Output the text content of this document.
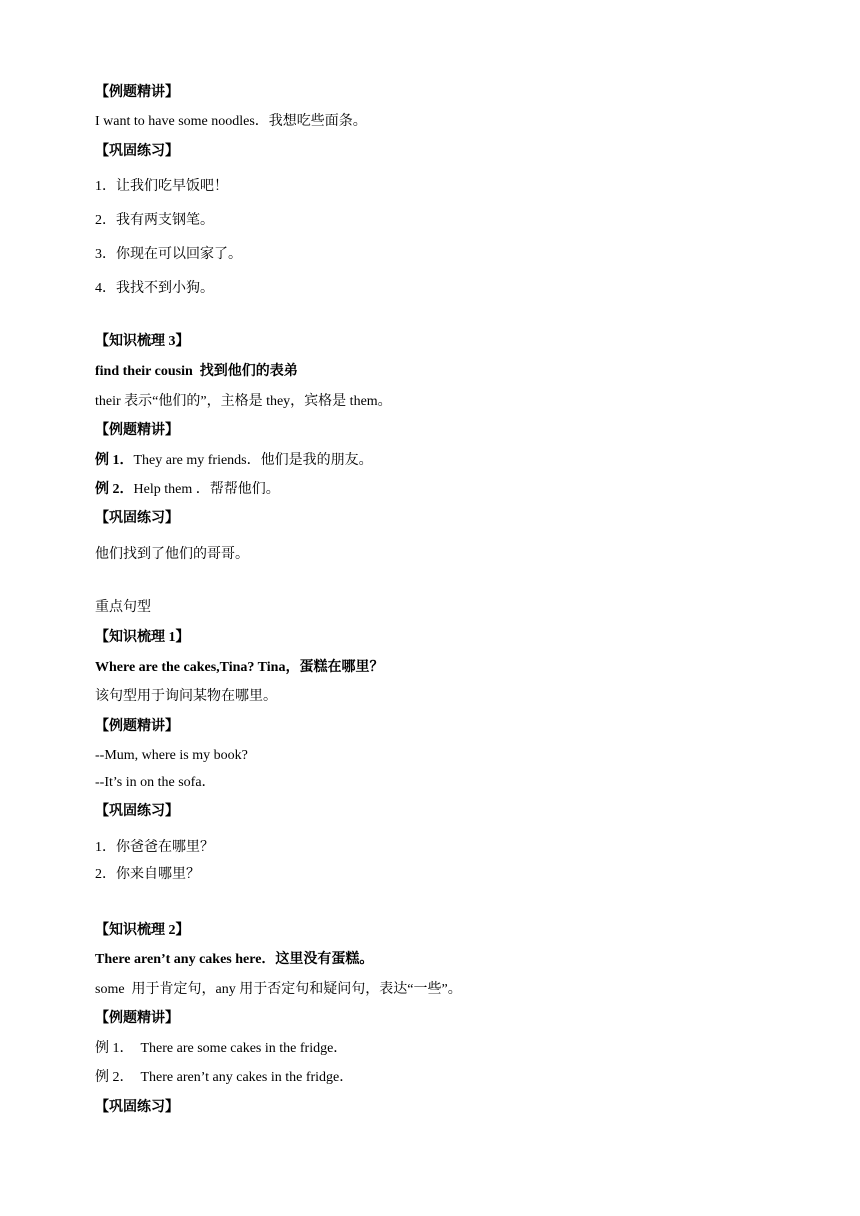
【例题精讲】
I want to have some noodles．我想吃些面条。
【巩固练习】
1．让我们吃早饭吧！
2．我有两支钢笔。
3．你现在可以回家了。
4．我找不到小狗。
【知识梳理 3】
find their cousin  找到他们的表弟
their 表示“他们的”，主格是 they，宾格是 them。
【例题精讲】
例 1．They are my friends．他们是我的朋友。
例 2．Help them ．帮帮他们。
【巩固练习】
他们找到了他们的哥哥。
重点句型
【知识梳理 1】
Where are the cakes,Tina? Tina，蛋糕在哪里？
该句型用于询问某物在哪里。
【例题精讲】
--Mum, where is my book?
--It’s in on the sofa．
【巩固练习】
1．你爸爸在哪里？
2．你来自哪里？
【知识梳理 2】
There aren’t any cakes here．这里没有蛋糕。
some  用于肯定句，any 用于否定句和疑问句，表达“一些”。
【例题精讲】
例 1．  There are some cakes in the fridge．
例 2．  There aren’t any cakes in the fridge．
【巩固练习】
